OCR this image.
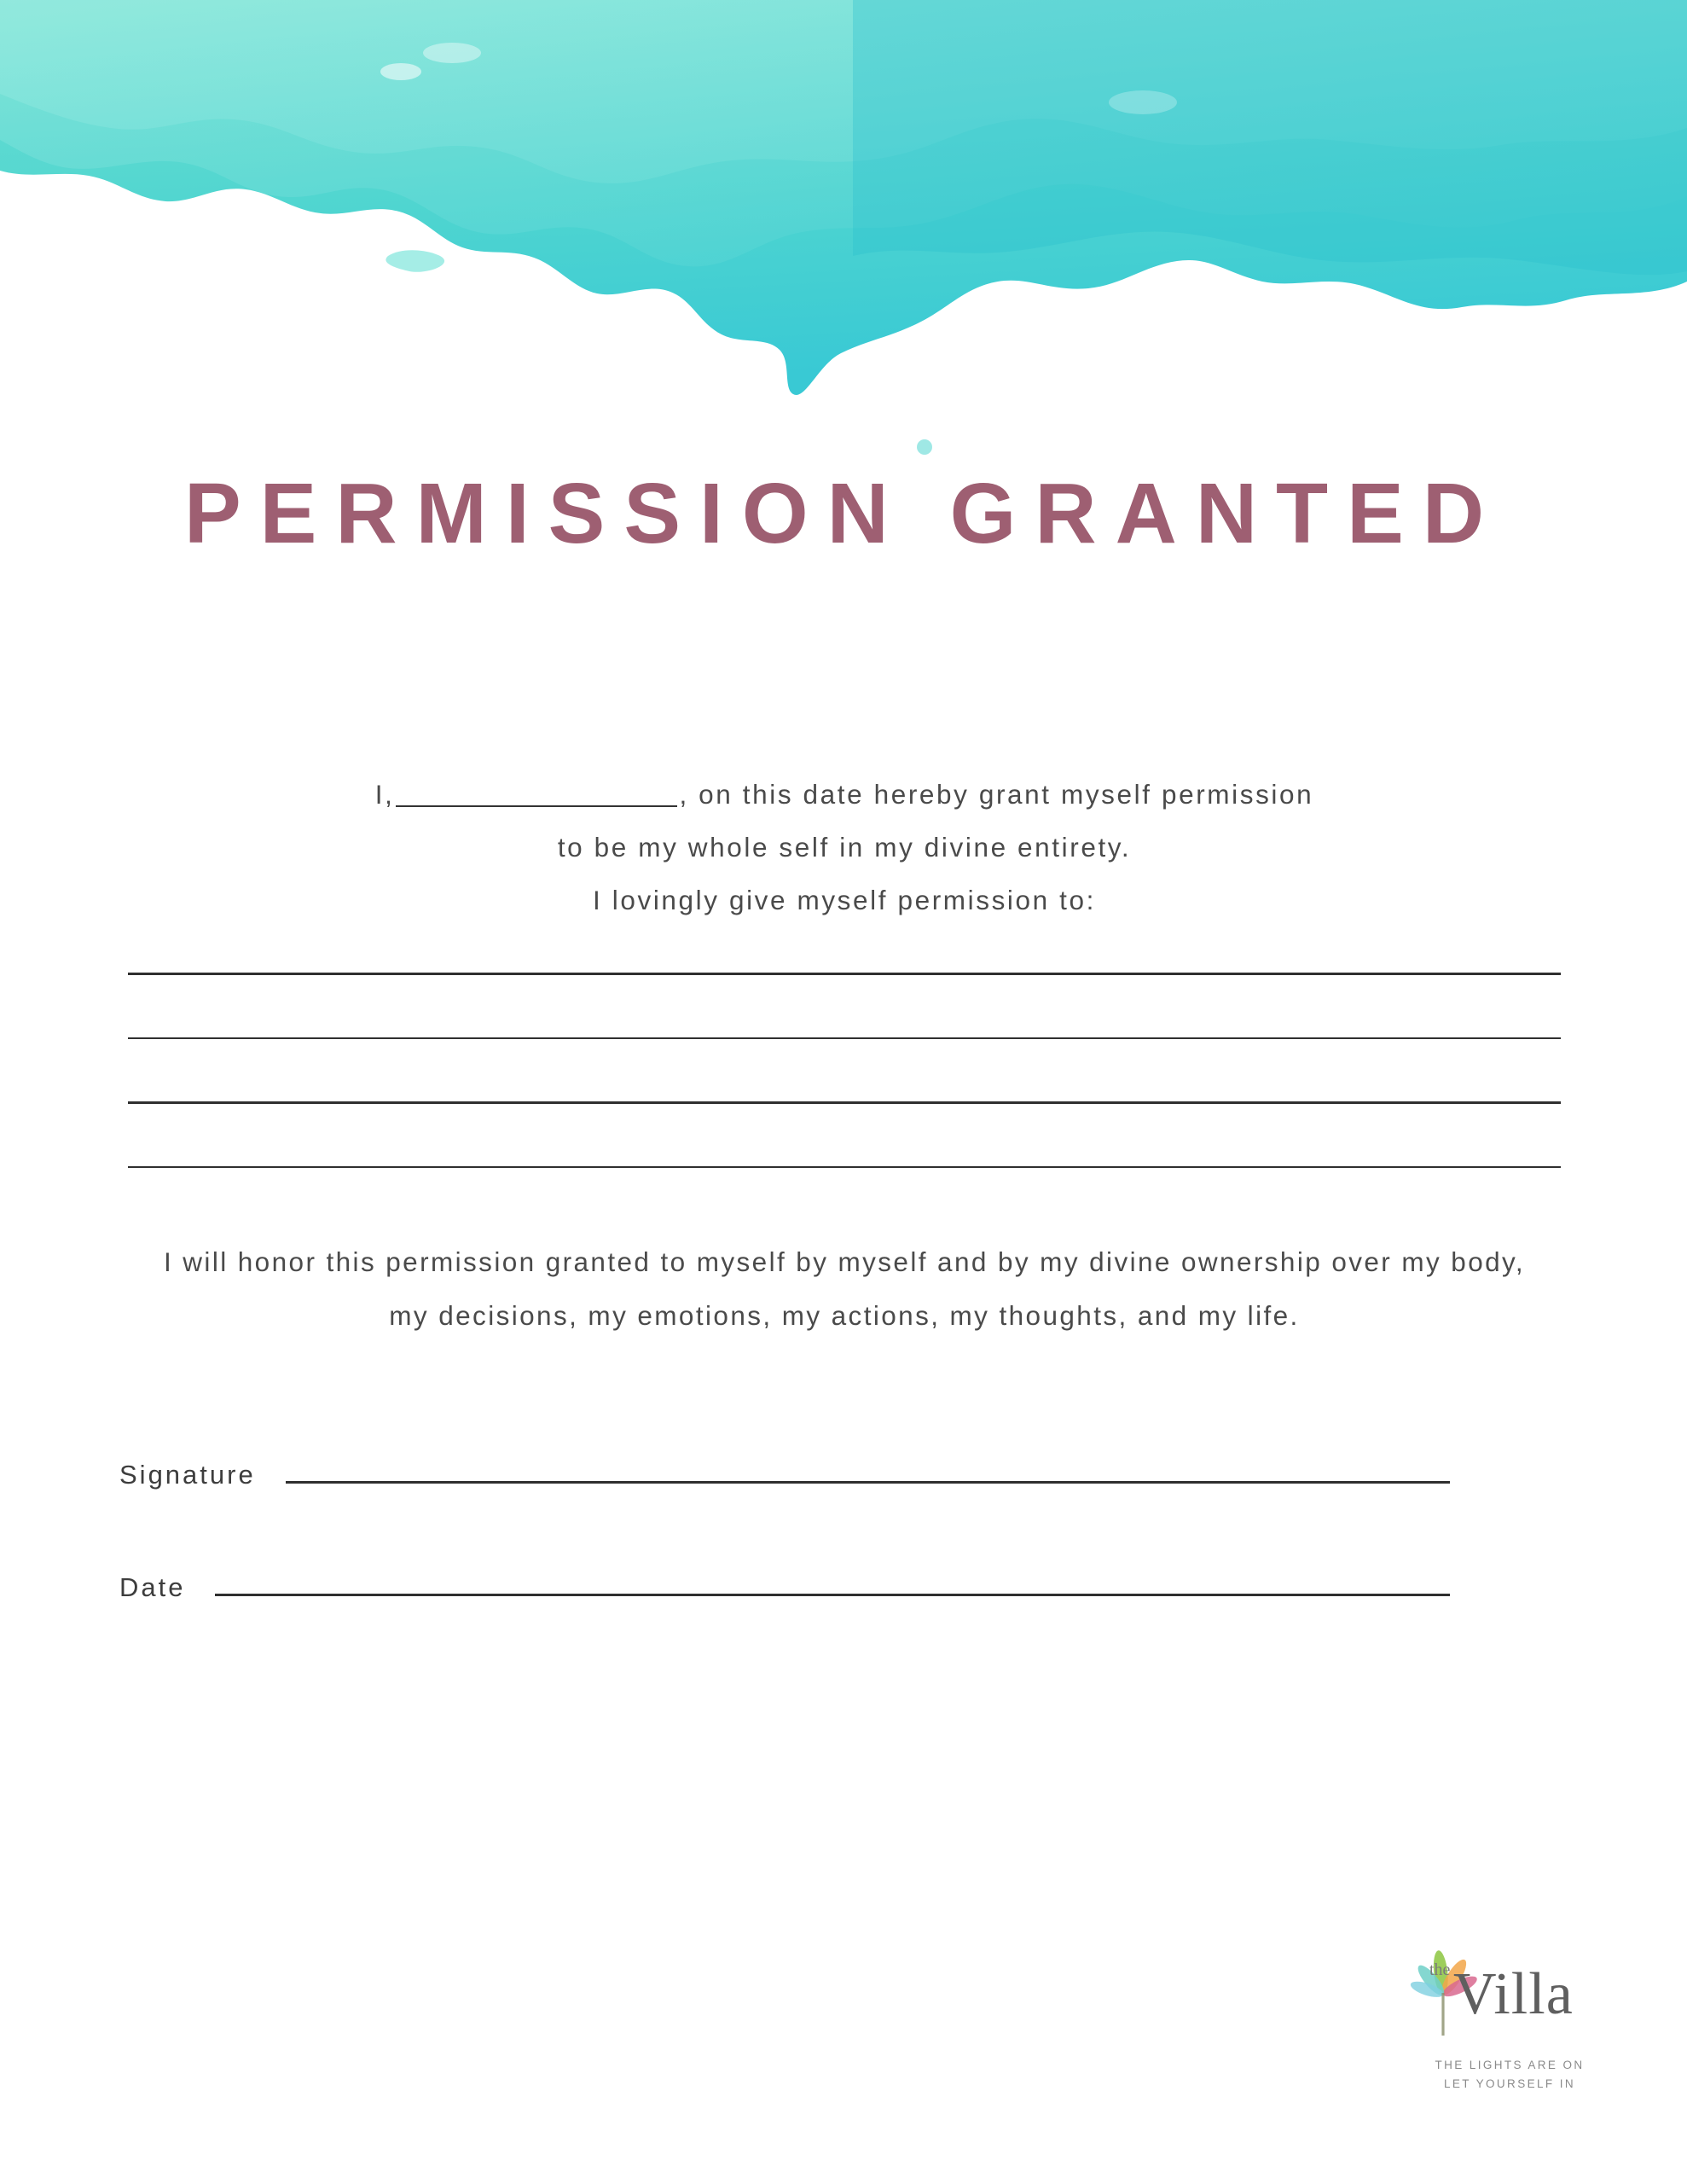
PERMISSION GRANTED
I,	, on this date hereby grant myself permission
to be my whole self in my divine entirety.
I lovingly give myself permission to:
I will honor this permission granted to myself by myself and by my divine ownership over my body, my decisions, my emotions, my actions, my thoughts, and my life.
Signature
Date
the Villa
THE LIGHTS ARE ON
LET YOURSELF IN
